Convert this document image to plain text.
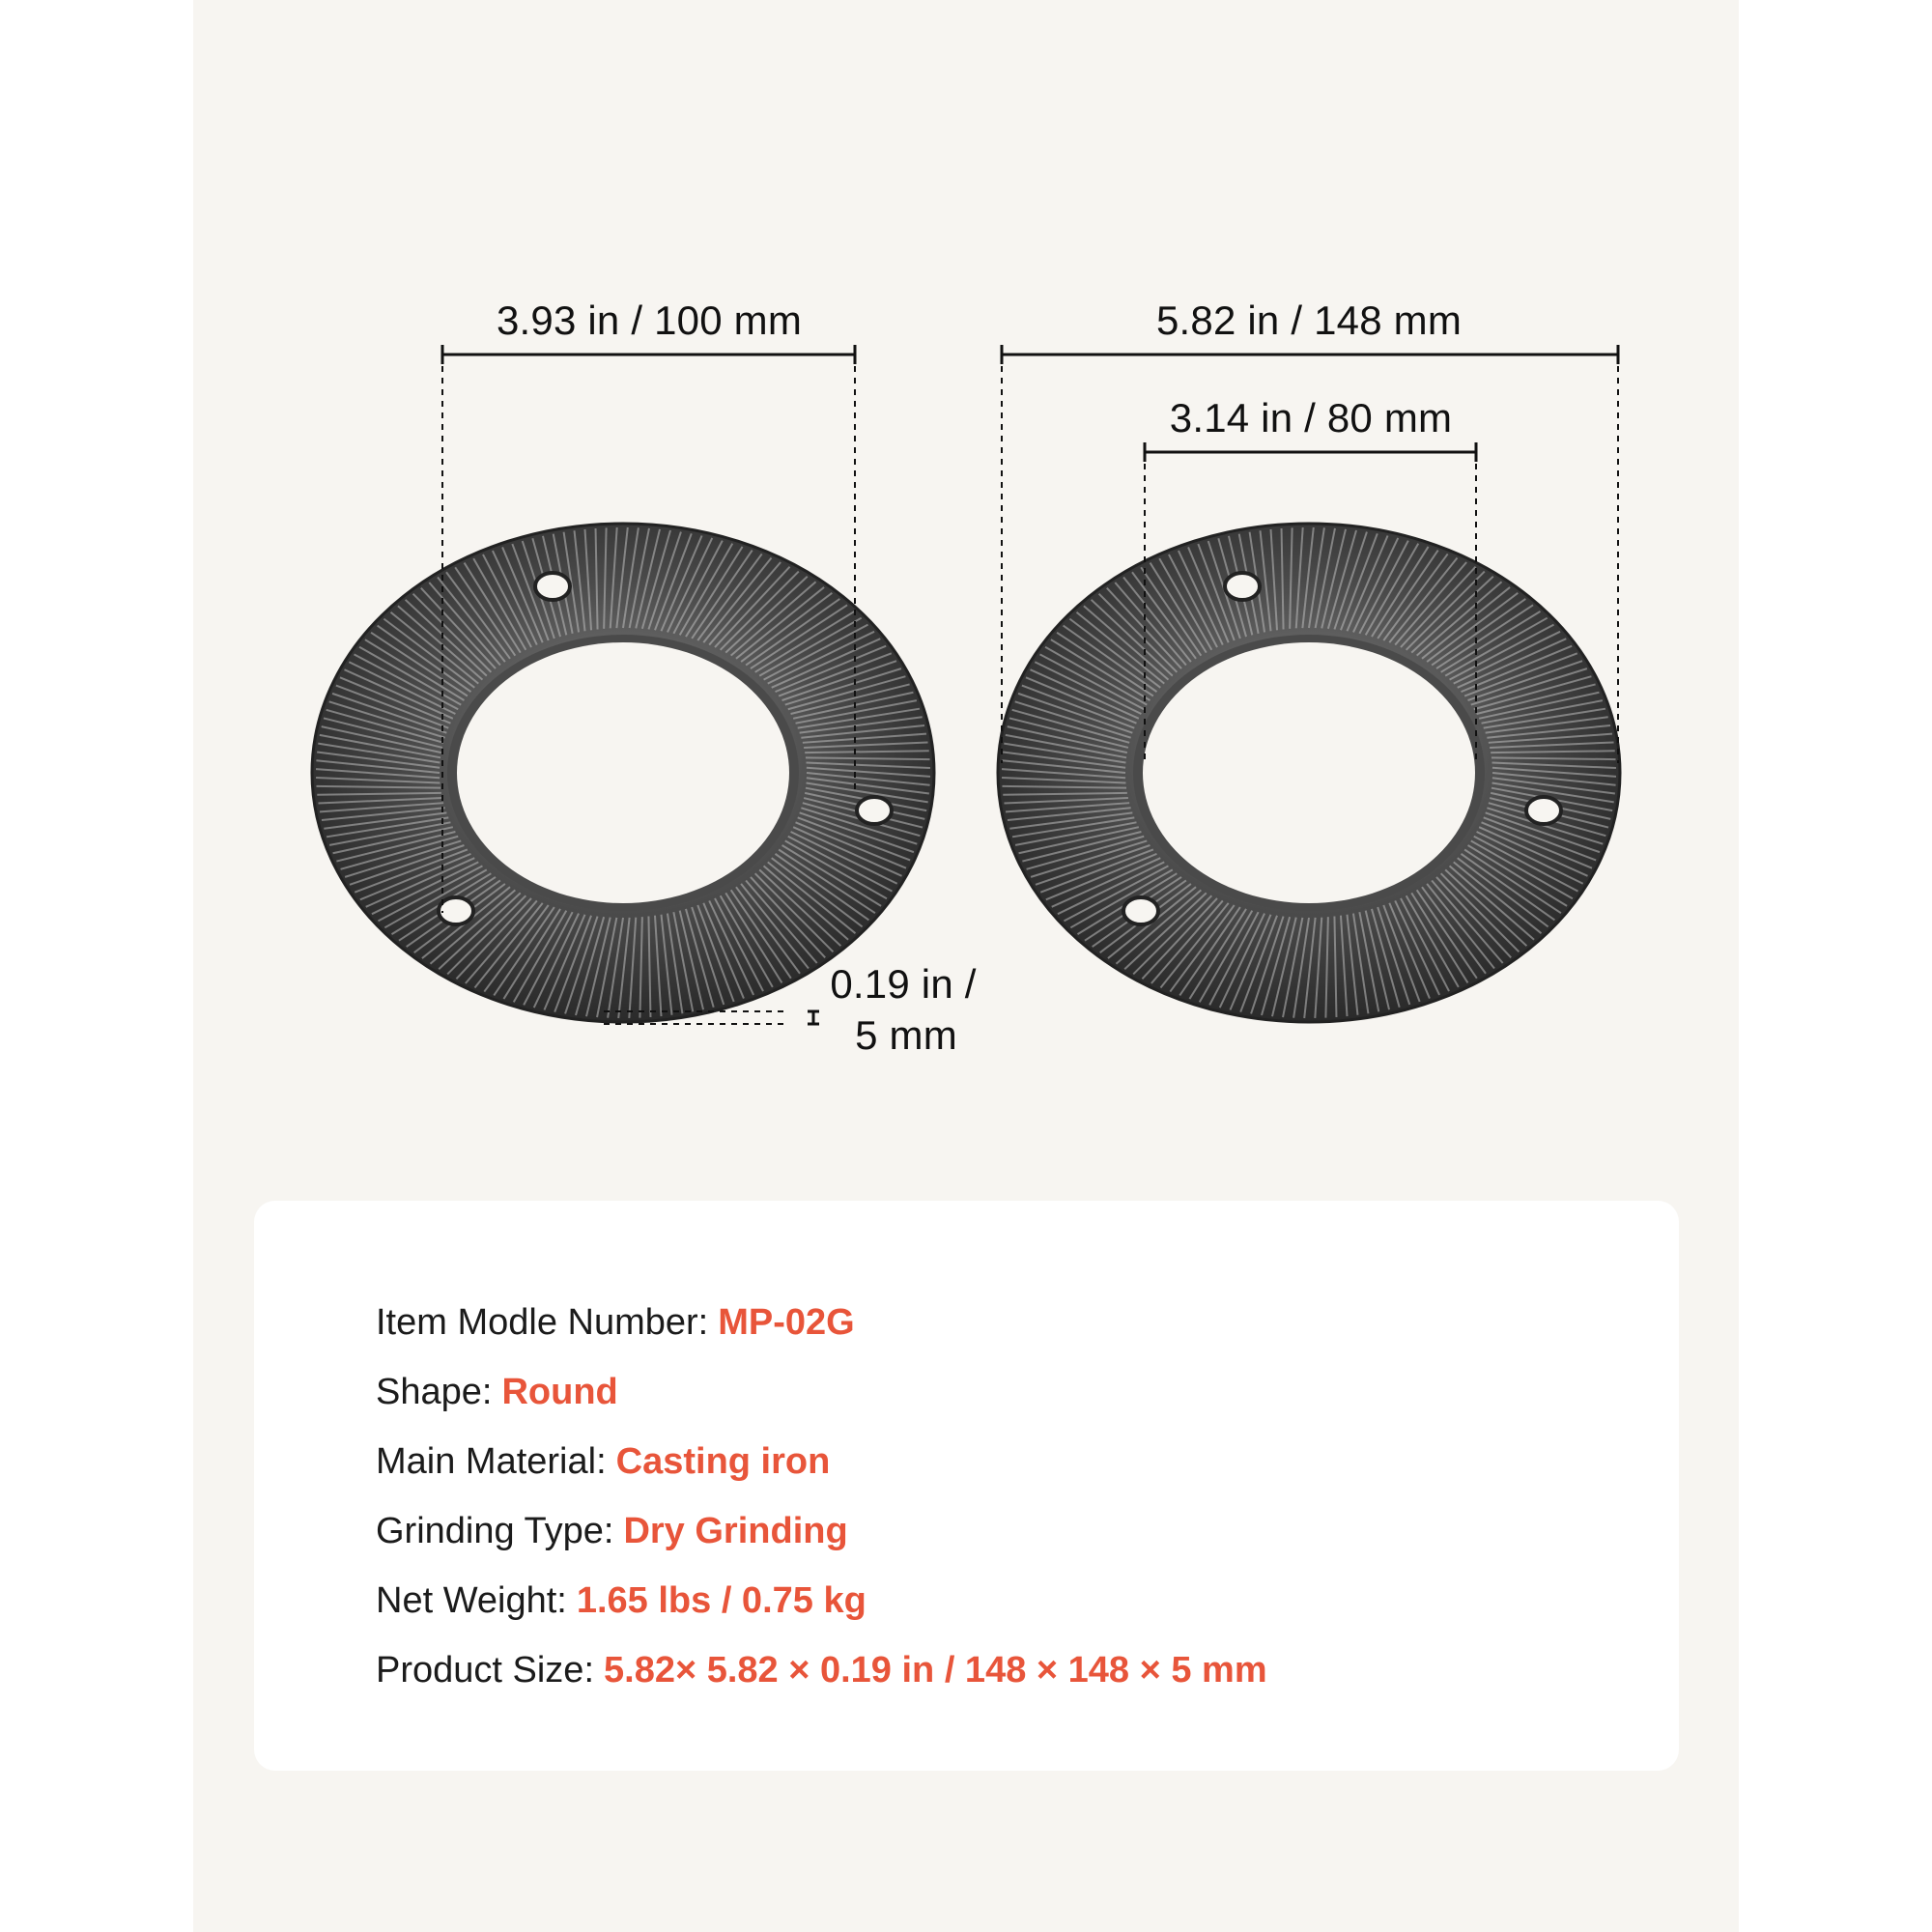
3.93 in / 100 mm	5.82 in / 148 mm
3.14 in / 80 mm
0.19 in /
5 mm
Item Modle Number: MP-02G
Shape: Round
Main Material: Casting iron
Grinding Type: Dry Grinding
Net Weight: 1.65 lbs / 0.75 kg
Product Size: 5.82× 5.82 × 0.19 in / 148 × 148 × 5 mm
